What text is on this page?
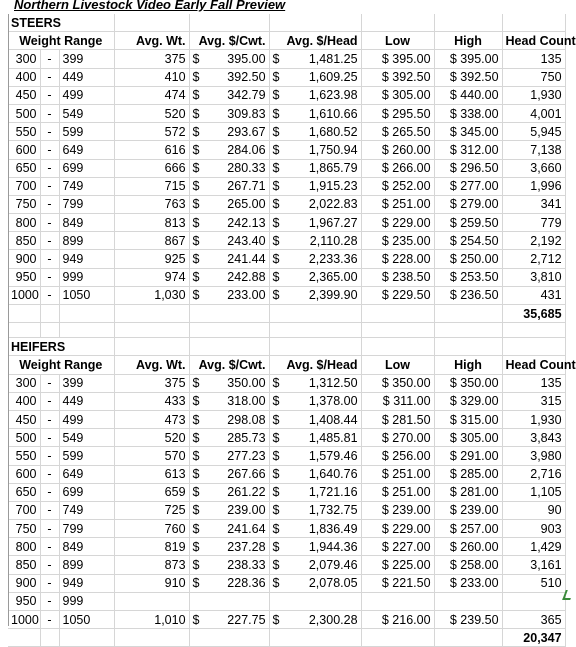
Northern Livestock Video Early Fall Preview
STEERS								
Weight Range			Avg. Wt.	Avg. $/Cwt.	Avg. $/Head	Low	High	Head Count
300	-	399	375	$ 395.00	$ 1,481.25	$ 395.00	$ 395.00	135
400	-	449	410	$ 392.50	$ 1,609.25	$ 392.50	$ 392.50	750
450	-	499	474	$ 342.79	$ 1,623.98	$ 305.00	$ 440.00	1,930
500	-	549	520	$ 309.83	$ 1,610.66	$ 295.50	$ 338.00	4,001
550	-	599	572	$ 293.67	$ 1,680.52	$ 265.50	$ 345.00	5,945
600	-	649	616	$ 284.06	$ 1,750.94	$ 260.00	$ 312.00	7,138
650	-	699	666	$ 280.33	$ 1,865.79	$ 266.00	$ 296.50	3,660
700	-	749	715	$ 267.71	$ 1,915.23	$ 252.00	$ 277.00	1,996
750	-	799	763	$ 265.00	$ 2,022.83	$ 251.00	$ 279.00	341
800	-	849	813	$ 242.13	$ 1,967.27	$ 229.00	$ 259.50	779
850	-	899	867	$ 243.40	$ 2,110.28	$ 235.00	$ 254.50	2,192
900	-	949	925	$ 241.44	$ 2,233.36	$ 228.00	$ 250.00	2,712
950	-	999	974	$ 242.88	$ 2,365.00	$ 238.50	$ 253.50	3,810
1000	-	1050	1,030	$ 233.00	$ 2,399.90	$ 229.50	$ 236.50	431
								35,685

HEIFERS								
Weight Range			Avg. Wt.	Avg. $/Cwt.	Avg. $/Head	Low	High	Head Count
300	-	399	375	$ 350.00	$ 1,312.50	$ 350.00	$ 350.00	135
400	-	449	433	$ 318.00	$ 1,378.00	$ 311.00	$ 329.00	315
450	-	499	473	$ 298.08	$ 1,408.44	$ 281.50	$ 315.00	1,930
500	-	549	520	$ 285.73	$ 1,485.81	$ 270.00	$ 305.00	3,843
550	-	599	570	$ 277.23	$ 1,579.46	$ 256.00	$ 291.00	3,980
600	-	649	613	$ 267.66	$ 1,640.76	$ 251.00	$ 285.00	2,716
650	-	699	659	$ 261.22	$ 1,721.16	$ 251.00	$ 281.00	1,105
700	-	749	725	$ 239.00	$ 1,732.75	$ 239.00	$ 239.00	90
750	-	799	760	$ 241.64	$ 1,836.49	$ 229.00	$ 257.00	903
800	-	849	819	$ 237.28	$ 1,944.36	$ 227.00	$ 260.00	1,429
850	-	899	873	$ 238.33	$ 2,079.46	$ 225.00	$ 258.00	3,161
900	-	949	910	$ 228.36	$ 2,078.05	$ 221.50	$ 233.00	510
950	-	999						
1000	-	1050	1,010	$ 227.75	$ 2,300.28	$ 216.00	$ 239.50	365
								20,347
